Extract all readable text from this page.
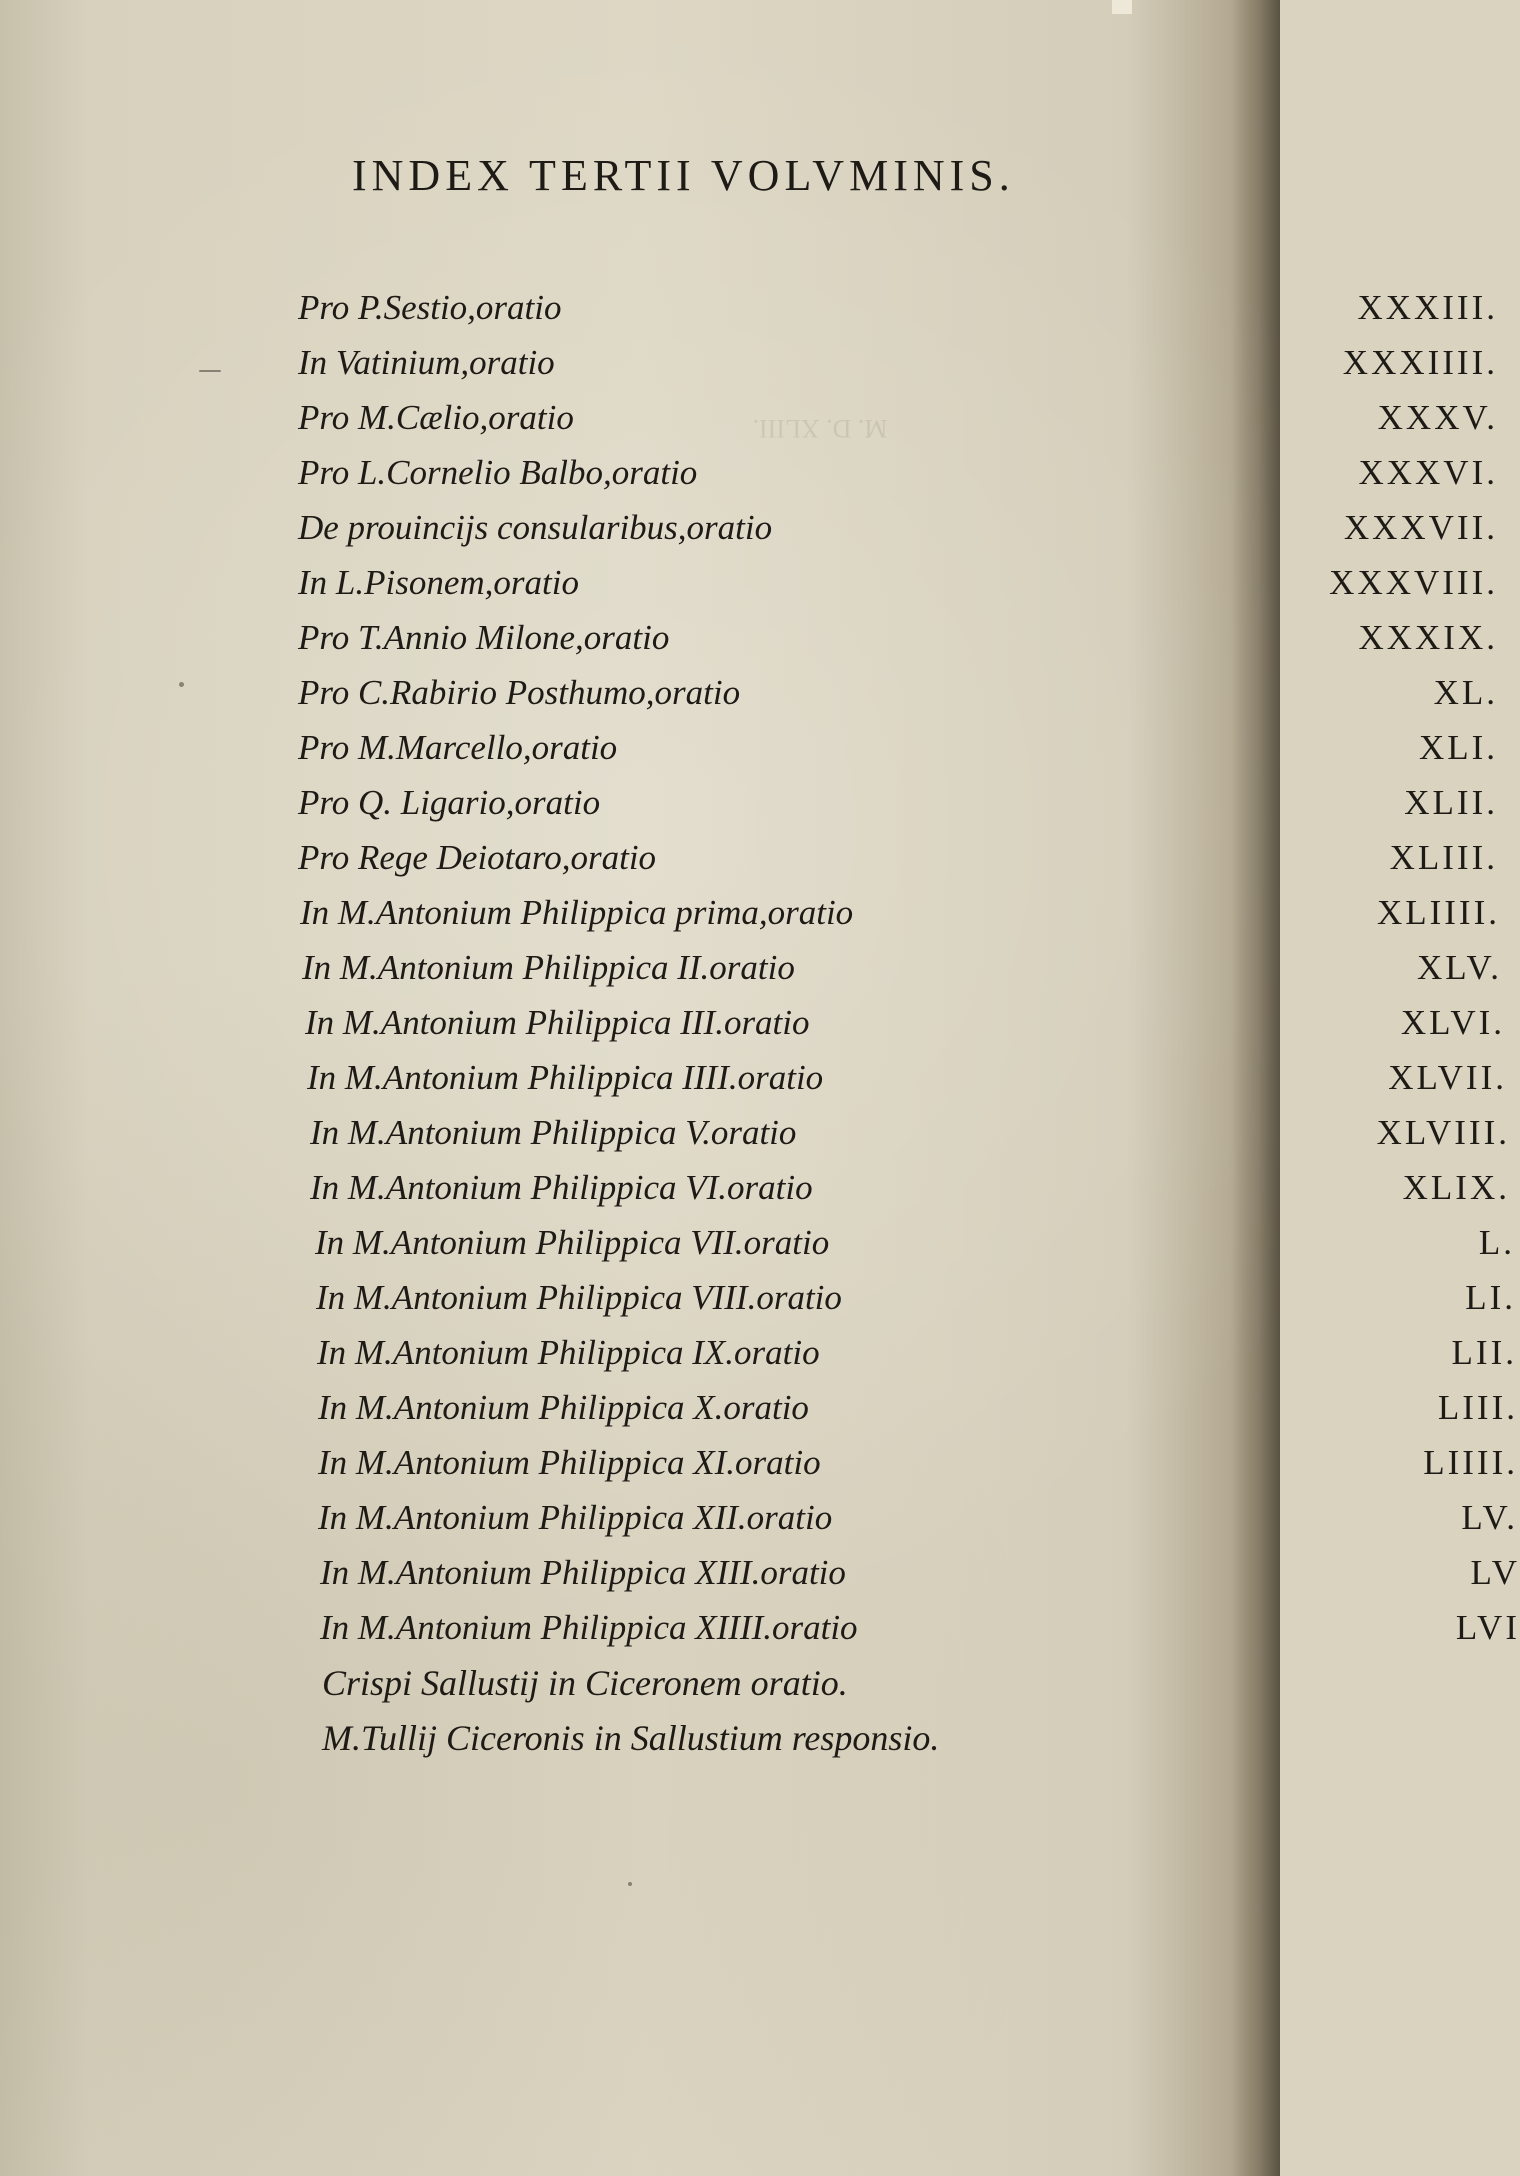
M. D. XLIII.
INDEX TERTII VOLVMINIS.
Pro P.Sestio,oratio	XXXIII.
In Vatinium,oratio	XXXIIII.
Pro M.Cælio,oratio	XXXV.
Pro L.Cornelio Balbo,oratio	XXXVI.
De prouincijs consularibus,oratio	XXXVII.
In L.Pisonem,oratio	XXXVIII.
Pro T.Annio Milone,oratio	XXXIX.
Pro C.Rabirio Posthumo,oratio	XL.
Pro M.Marcello,oratio	XLI.
Pro Q. Ligario,oratio	XLII.
Pro Rege Deiotaro,oratio	XLIII.
In M.Antonium Philippica prima,oratio	XLIIII.
In M.Antonium Philippica II.oratio	XLV.
In M.Antonium Philippica III.oratio	XLVI.
In M.Antonium Philippica IIII.oratio	XLVII.
In M.Antonium Philippica V.oratio	XLVIII.
In M.Antonium Philippica VI.oratio	XLIX.
In M.Antonium Philippica VII.oratio	L.
In M.Antonium Philippica VIII.oratio	LI.
In M.Antonium Philippica IX.oratio	LII.
In M.Antonium Philippica X.oratio	LIII.
In M.Antonium Philippica XI.oratio	LIIII.
In M.Antonium Philippica XII.oratio	LV.
In M.Antonium Philippica XIII.oratio	LV
In M.Antonium Philippica XIIII.oratio	LVI
Crispi Sallustij in Ciceronem oratio.
M.Tullij Ciceronis in Sallustium responsio.
